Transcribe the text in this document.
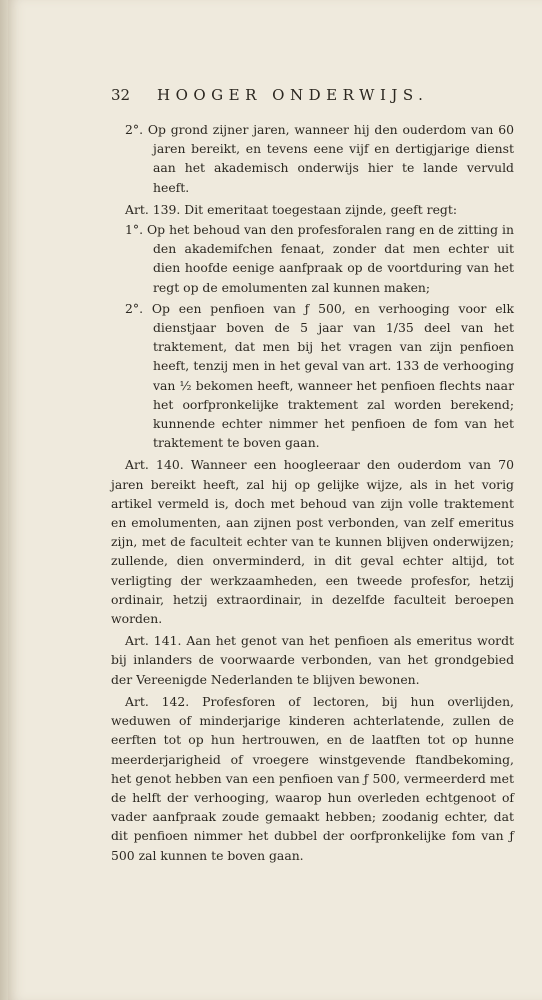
32	HOOGER ONDERWIJS.

2°. Op grond zijner jaren, wanneer hij den ouderdom van 60 jaren bereikt, en tevens eene vijf en dertigjarige dienst aan het akademisch onderwijs hier te lande vervuld heeft.

Art. 139. Dit emeritaat toegestaan zijnde, geeft regt:

1°. Op het behoud van den profesforalen rang en de zitting in den akademifchen fenaat, zonder dat men echter uit dien hoofde eenige aanfpraak op de voortduring van het regt op de emolumenten zal kunnen maken;

2°. Op een penfioen van ƒ 500, en verhooging voor elk dienstjaar boven de 5 jaar van 1/35 deel van het traktement, dat men bij het vragen van zijn penfioen heeft, tenzij men in het geval van art. 133 de verhooging van ½ bekomen heeft, wanneer het penfioen flechts naar het oorfpronkelijke traktement zal worden berekend; kunnende echter nimmer het penfioen de fom van het traktement te boven gaan.

Art. 140. Wanneer een hoogleeraar den ouderdom van 70 jaren bereikt heeft, zal hij op gelijke wijze, als in het vorig artikel vermeld is, doch met behoud van zijn volle traktement en emolumenten, aan zijnen post verbonden, van zelf emeritus zijn, met de faculteit echter van te kunnen blijven onderwijzen; zullende, dien onverminderd, in dit geval echter altijd, tot verligting der werkzaamheden, een tweede profesfor, hetzij ordinair, hetzij extraordinair, in dezelfde faculteit beroepen worden.

Art. 141. Aan het genot van het penfioen als emeritus wordt bij inlanders de voorwaarde verbonden, van het grondgebied der Vereenigde Nederlanden te blijven bewonen.

Art. 142. Profesforen of lectoren, bij hun overlijden, weduwen of minderjarige kinderen achterlatende, zullen de eerften tot op hun hertrouwen, en de laatften tot op hunne meerderjarigheid of vroegere winstgevende ftandbekoming, het genot hebben van een penfioen van ƒ 500, vermeerderd met de helft der verhooging, waarop hun overleden echtgenoot of vader aanfpraak zoude gemaakt hebben; zoodanig echter, dat dit penfioen nimmer het dubbel der oorfpronkelijke fom van ƒ 500 zal kunnen te boven gaan.
